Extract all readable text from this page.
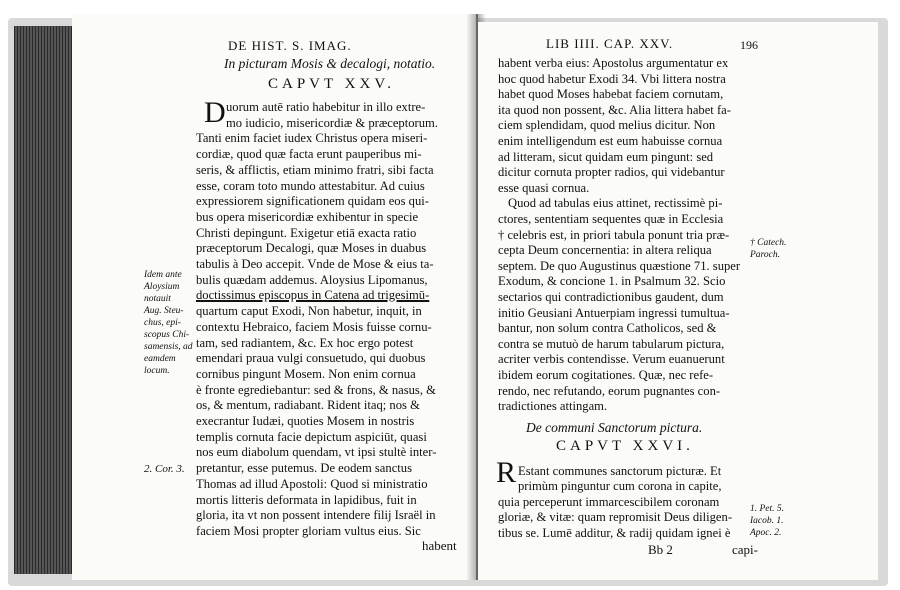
DE HIST. S. IMAG.
In picturam Mosis & decalogi, notatio.
CAPVT XXV.
D uorum autē ratio habebitur in illo extre-
mo iudicio, misericordiæ & præceptorum.
Tanti enim faciet iudex Christus opera miseri-
cordiæ, quod quæ facta erunt pauperibus mi-
seris, & afflictis, etiam minimo fratri, sibi facta
esse, coram toto mundo attestabitur. Ad cuius
expressiorem significationem quidam eos qui-
bus opera misericordiæ exhibentur in specie
Christi depingunt. Exigetur etiā exacta ratio
præceptorum Decalogi, quæ Moses in duabus
tabulis à Deo accepit. Vnde de Mose & eius ta-
bulis quædam addemus. Aloysius Lipomanus,
doctissimus episcopus in Catena ad trigesimū-
quartum caput Exodi, Non habetur, inquit, in
contextu Hebraico, faciem Mosis fuisse cornu-
tam, sed radiantem, &c. Ex hoc ergo potest
emendari praua vulgi consuetudo, qui duobus
cornibus pingunt Mosem. Non enim cornua
è fronte egrediebantur: sed & frons, & nasus, &
os, & mentum, radiabant. Rident itaq; nos &
execrantur Iudæi, quoties Mosem in nostris
templis cornuta facie depictum aspiciūt, quasi
nos eum diabolum quendam, vt ipsi stultè inter-
pretantur, esse putemus. De eodem sanctus
Thomas ad illud Apostoli: Quod si ministratio
mortis litteris deformata in lapidibus, fuit in
gloria, ita vt non possent intendere filij Israël in
faciem Mosi propter gloriam vultus eius. Sic
habent
Idem ante
Aloysium
notauit
Aug. Steu-
chus, epi-
scopus Chi-
samensis, ad
eamdem
locum.
2. Cor. 3.
LIB IIII. CAP. XXV.	196
habent verba eius: Apostolus argumentatur ex
hoc quod habetur Exodi 34. Vbi littera nostra
habet quod Moses habebat faciem cornutam,
ita quod non possent, &c. Alia littera habet fa-
ciem splendidam, quod melius dicitur. Non
enim intelligendum est eum habuisse cornua
ad litteram, sicut quidam eum pingunt: sed
dicitur cornuta propter radios, qui videbantur
esse quasi cornua.
Quod ad tabulas eius attinet, rectissimè pi-
ctores, sententiam sequentes quæ in Ecclesia
† celebris est, in priori tabula ponunt tria præ-
cepta Deum concernentia: in altera reliqua
septem. De quo Augustinus quæstione 71. super
Exodum, & concione 1. in Psalmum 32. Scio
sectarios qui contradictionibus gaudent, dum
initio Geusiani Antuerpiam ingressi tumultua-
bantur, non solum contra Catholicos, sed &
contra se mutuò de harum tabularum pictura,
acriter verbis contendisse. Verum euanuerunt
ibidem eorum cogitationes. Quæ, nec refe-
rendo, nec refutando, eorum pugnantes con-
tradictiones attingam.
De communi Sanctorum pictura.
CAPVT XXVI.
R Estant communes sanctorum picturæ. Et
primùm pinguntur cum corona in capite,
quia perceperunt immarcescibilem coronam
gloriæ, & vitæ: quam repromisit Deus diligen-
tibus se. Lumē additur, & radij quidam ignei è
Bb 2	capi-
† Catech.
Paroch.
1. Pet. 5.
Iacob. 1.
Apoc. 2.
